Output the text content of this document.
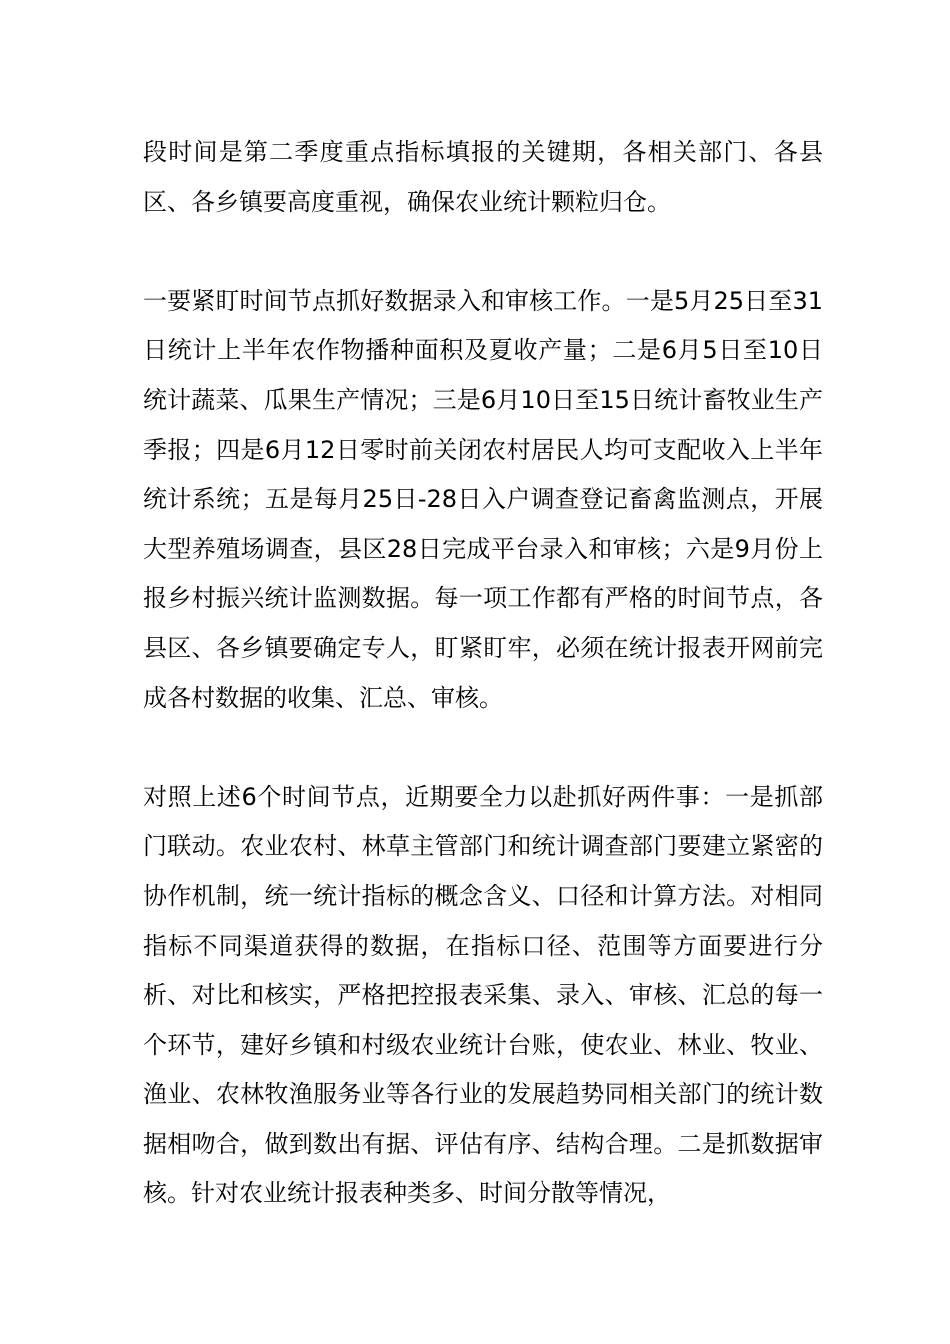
段时间是第二季度重点指标填报的关键期，各相关部门、各县区、各乡镇要高度重视，确保农业统计颗粒归仓。

一要紧盯时间节点抓好数据录入和审核工作。一是5月25日至31日统计上半年农作物播种面积及夏收产量；二是6月5日至10日统计蔬菜、瓜果生产情况；三是6月10日至15日统计畜牧业生产季报；四是6月12日零时前关闭农村居民人均可支配收入上半年统计系统；五是每月25日-28日入户调查登记畜禽监测点，开展大型养殖场调查，县区28日完成平台录入和审核；六是9月份上报乡村振兴统计监测数据。每一项工作都有严格的时间节点，各县区、各乡镇要确定专人，盯紧盯牢，必须在统计报表开网前完成各村数据的收集、汇总、审核。

对照上述6个时间节点，近期要全力以赴抓好两件事：一是抓部门联动。农业农村、林草主管部门和统计调查部门要建立紧密的协作机制，统一统计指标的概念含义、口径和计算方法。对相同指标不同渠道获得的数据，在指标口径、范围等方面要进行分析、对比和核实，严格把控报表采集、录入、审核、汇总的每一个环节，建好乡镇和村级农业统计台账，使农业、林业、牧业、渔业、农林牧渔服务业等各行业的发展趋势同相关部门的统计数据相吻合，做到数出有据、评估有序、结构合理。二是抓数据审核。针对农业统计报表种类多、时间分散等情况，
